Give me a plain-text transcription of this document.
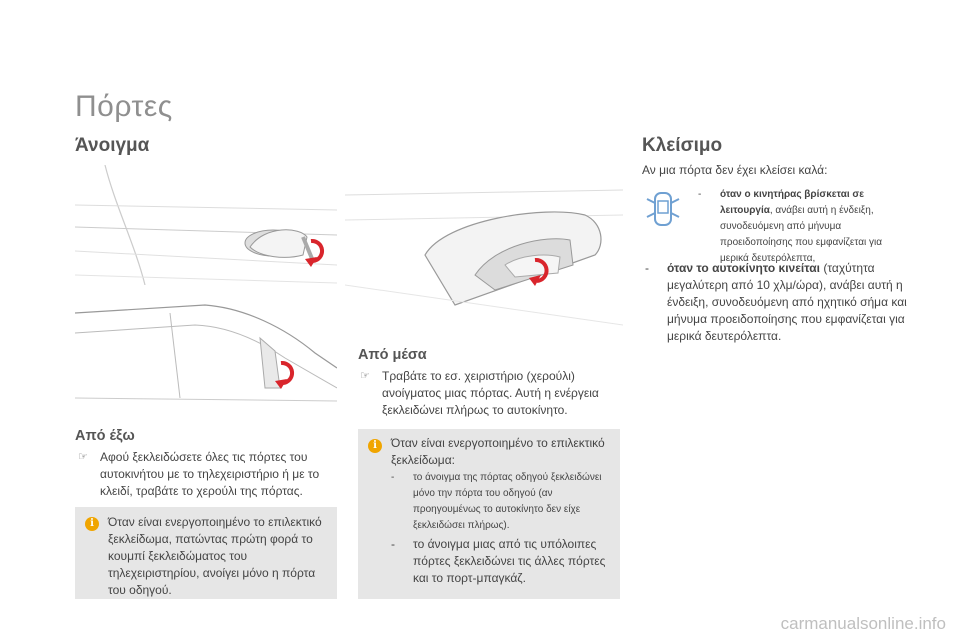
Πόρτες
Άνοιγμα
Από έξω
☞	Αφού ξεκλειδώσετε όλες τις πόρτες του αυτοκινήτου με το τηλεχειριστήριο ή με το κλειδί, τραβάτε το χερούλι της πόρτας.
i	Όταν είναι ενεργοποιημένο το επιλεκτικό ξεκλείδωμα, πατώντας πρώτη φορά το κουμπί ξεκλειδώματος του τηλεχειριστηρίου, ανοίγει μόνο η πόρτα του οδηγού.
Από μέσα
☞	Τραβάτε το εσ. χειριστήριο (χερούλι) ανοίγματος μιας πόρτας. Αυτή η ενέργεια ξεκλειδώνει πλήρως το αυτοκίνητο.
i	Όταν είναι ενεργοποιημένο το επιλεκτικό ξεκλείδωμα:
-	το άνοιγμα της πόρτας οδηγού ξεκλειδώνει μόνο την πόρτα του οδηγού (αν προηγουμένως το αυτοκίνητο δεν είχε ξεκλειδώσει πλήρως).
-	το άνοιγμα μιας από τις υπόλοιπες πόρτες ξεκλειδώνει τις άλλες πόρτες και το πορτ-μπαγκάζ.
Κλείσιμο
Αν μια πόρτα δεν έχει κλείσει καλά:
-	όταν ο κινητήρας βρίσκεται σε λειτουργία, ανάβει αυτή η ένδειξη, συνοδευόμενη από μήνυμα προειδοποίησης που εμφανίζεται για μερικά δευτερόλεπτα,
-	όταν το αυτοκίνητο κινείται (ταχύτητα μεγαλύτερη από 10 χλμ/ώρα), ανάβει αυτή η ένδειξη, συνοδευόμενη από ηχητικό σήμα και μήνυμα προειδοποίησης που εμφανίζεται για μερικά δευτερόλεπτα.
carmanualsonline.info
